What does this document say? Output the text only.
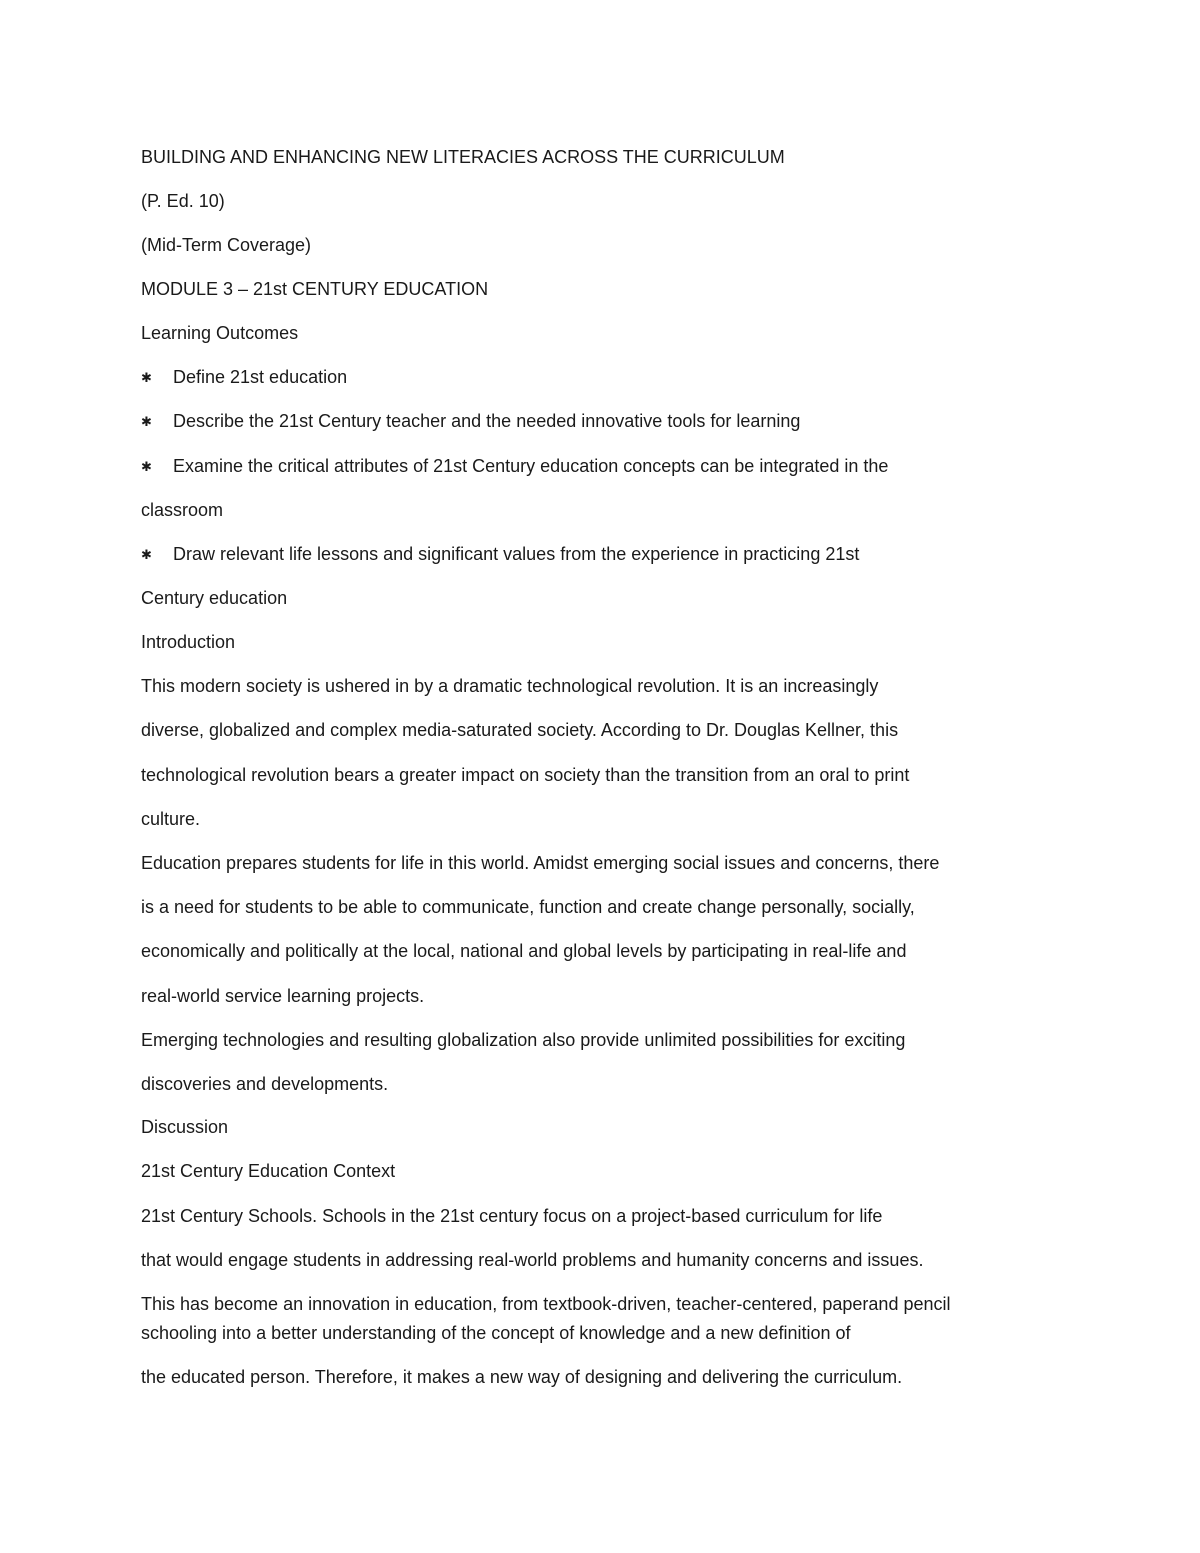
BUILDING AND ENHANCING NEW LITERACIES ACROSS THE CURRICULUM
(P. Ed. 10)
(Mid-Term Coverage)
MODULE 3 – 21st CENTURY EDUCATION
Learning Outcomes
✱ Define 21st education
✱ Describe the 21st Century teacher and the needed innovative tools for learning
✱ Examine the critical attributes of 21st Century education concepts can be integrated in the
classroom
✱ Draw relevant life lessons and significant values from the experience in practicing 21st
Century education
Introduction
This modern society is ushered in by a dramatic technological revolution. It is an increasingly
diverse, globalized and complex media-saturated society. According to Dr. Douglas Kellner, this
technological revolution bears a greater impact on society than the transition from an oral to print
culture.
Education prepares students for life in this world. Amidst emerging social issues and concerns, there
is a need for students to be able to communicate, function and create change personally, socially,
economically and politically at the local, national and global levels by participating in real-life and
real-world service learning projects.
Emerging technologies and resulting globalization also provide unlimited possibilities for exciting
discoveries and developments.
Discussion
21st Century Education Context
21st Century Schools. Schools in the 21st century focus on a project-based curriculum for life
that would engage students in addressing real-world problems and humanity concerns and issues.
This has become an innovation in education, from textbook-driven, teacher-centered, paperand pencil
schooling into a better understanding of the concept of knowledge and a new definition of
the educated person. Therefore, it makes a new way of designing and delivering the curriculum.
